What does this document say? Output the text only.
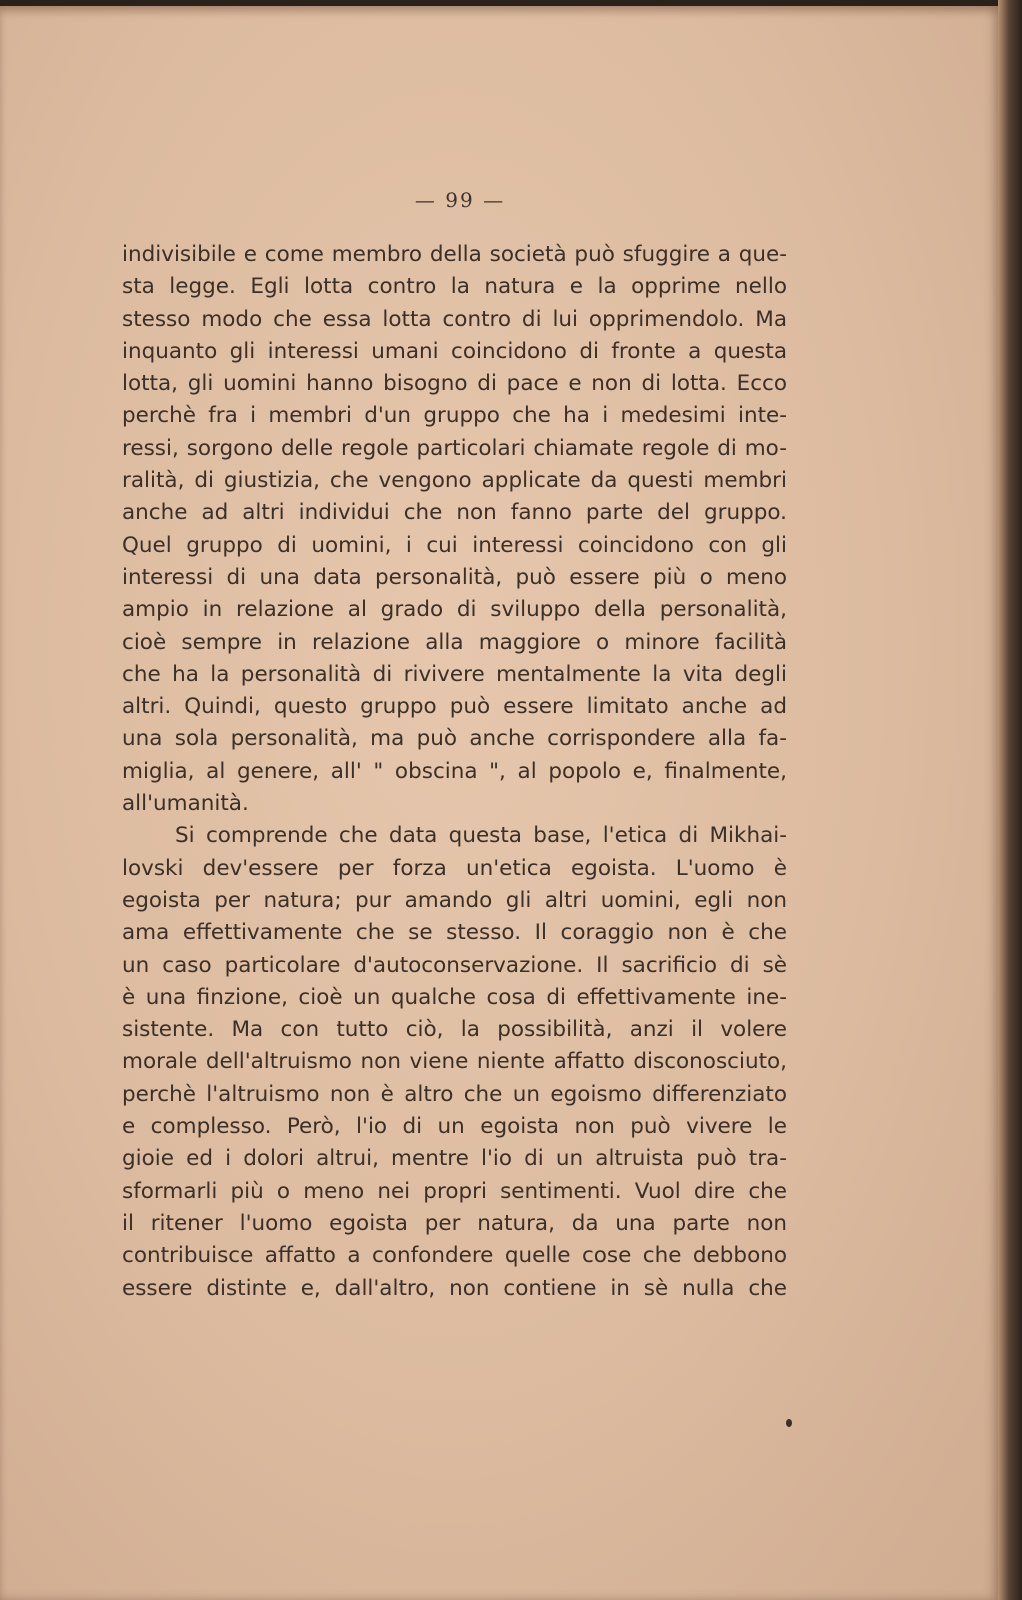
— 99 —
indivisibile e come membro della società può sfuggire a que-
sta legge. Egli lotta contro la natura e la opprime nello
stesso modo che essa lotta contro di lui opprimendolo. Ma
inquanto gli interessi umani coincidono di fronte a questa
lotta, gli uomini hanno bisogno di pace e non di lotta. Ecco
perchè fra i membri d'un gruppo che ha i medesimi inte-
ressi, sorgono delle regole particolari chiamate regole di mo-
ralità, di giustizia, che vengono applicate da questi membri
anche ad altri individui che non fanno parte del gruppo.
Quel gruppo di uomini, i cui interessi coincidono con gli
interessi di una data personalità, può essere più o meno
ampio in relazione al grado di sviluppo della personalità,
cioè sempre in relazione alla maggiore o minore facilità
che ha la personalità di rivivere mentalmente la vita degli
altri. Quindi, questo gruppo può essere limitato anche ad
una sola personalità, ma può anche corrispondere alla fa-
miglia, al genere, all' " obscina ", al popolo e, finalmente,
all'umanità.
Si comprende che data questa base, l'etica di Mikhai-
lovski dev'essere per forza un'etica egoista. L'uomo è
egoista per natura; pur amando gli altri uomini, egli non
ama effettivamente che se stesso. Il coraggio non è che
un caso particolare d'autoconservazione. Il sacrificio di sè
è una finzione, cioè un qualche cosa di effettivamente ine-
sistente. Ma con tutto ciò, la possibilità, anzi il volere
morale dell'altruismo non viene niente affatto disconosciuto,
perchè l'altruismo non è altro che un egoismo differenziato
e complesso. Però, l'io di un egoista non può vivere le
gioie ed i dolori altrui, mentre l'io di un altruista può tra-
sformarli più o meno nei propri sentimenti. Vuol dire che
il ritener l'uomo egoista per natura, da una parte non
contribuisce affatto a confondere quelle cose che debbono
essere distinte e, dall'altro, non contiene in sè nulla che
